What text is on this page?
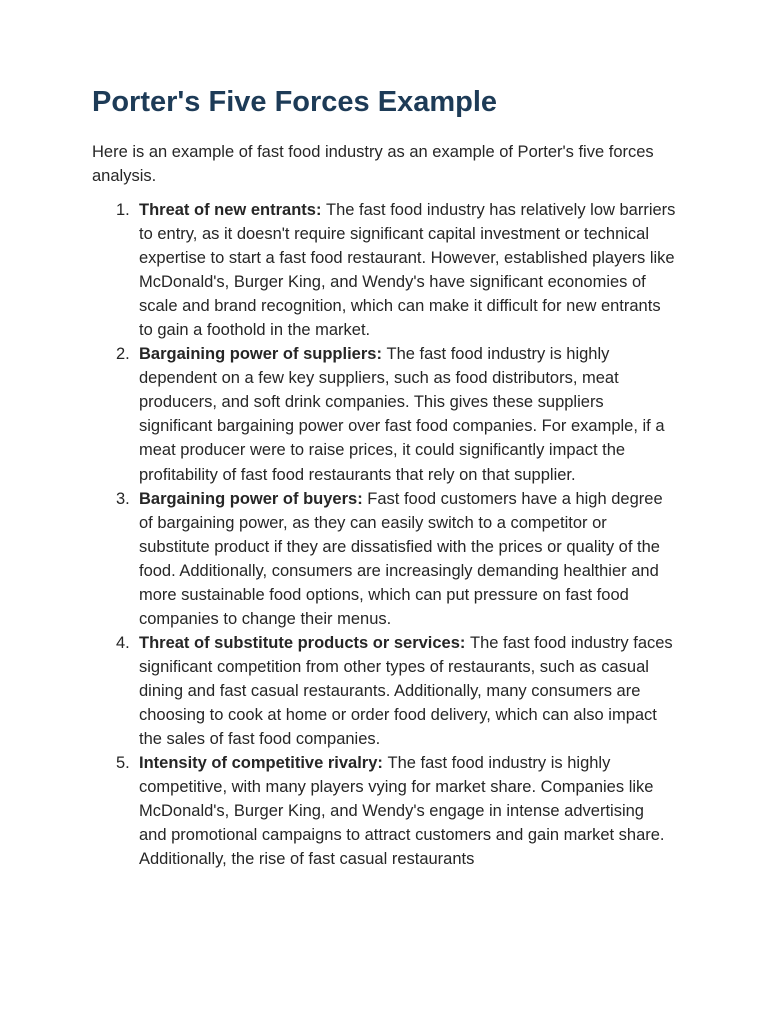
Porter's Five Forces Example

Here is an example of fast food industry as an example of Porter's five forces analysis.

1. Threat of new entrants: The fast food industry has relatively low barriers to entry, as it doesn't require significant capital investment or technical expertise to start a fast food restaurant. However, established players like McDonald's, Burger King, and Wendy's have significant economies of scale and brand recognition, which can make it difficult for new entrants to gain a foothold in the market.
2. Bargaining power of suppliers: The fast food industry is highly dependent on a few key suppliers, such as food distributors, meat producers, and soft drink companies. This gives these suppliers significant bargaining power over fast food companies. For example, if a meat producer were to raise prices, it could significantly impact the profitability of fast food restaurants that rely on that supplier.
3. Bargaining power of buyers: Fast food customers have a high degree of bargaining power, as they can easily switch to a competitor or substitute product if they are dissatisfied with the prices or quality of the food. Additionally, consumers are increasingly demanding healthier and more sustainable food options, which can put pressure on fast food companies to change their menus.
4. Threat of substitute products or services: The fast food industry faces significant competition from other types of restaurants, such as casual dining and fast casual restaurants. Additionally, many consumers are choosing to cook at home or order food delivery, which can also impact the sales of fast food companies.
5. Intensity of competitive rivalry: The fast food industry is highly competitive, with many players vying for market share. Companies like McDonald's, Burger King, and Wendy's engage in intense advertising and promotional campaigns to attract customers and gain market share. Additionally, the rise of fast casual restaurants
